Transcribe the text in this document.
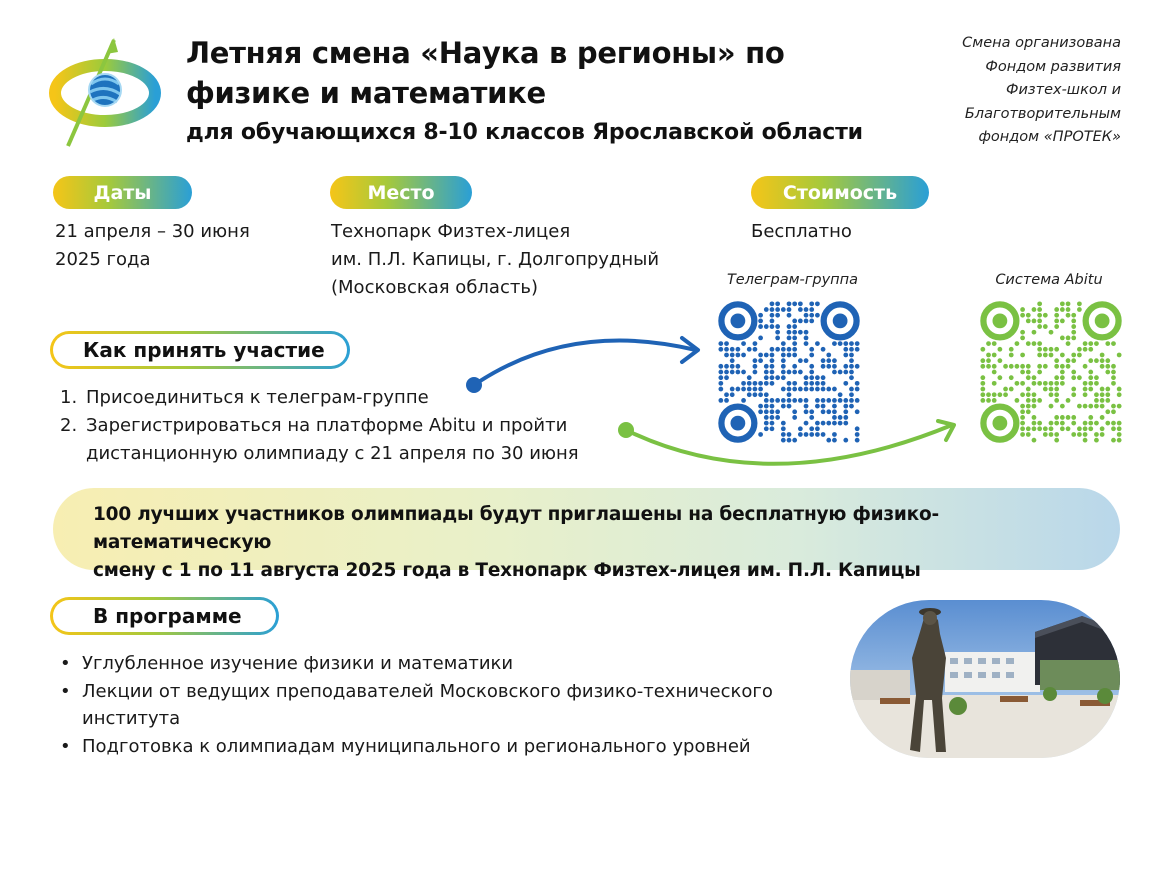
Летняя смена «Наука в регионы» по
физике и математике
для обучающихся 8-10 классов Ярославской области
Смена организована
Фондом развития
Физтех-школ и
Благотворительным
фондом «ПРОТЕК»
Даты	Место	Стоимость
21 апреля – 30 июня
2025 года
Технопарк Физтех-лицея
им. П.Л. Капицы, г. Долгопрудный
(Московская область)
Бесплатно
Телеграм-группа	Система Abitu
Как принять участие
1. Присоединиться к телеграм-группе
2. Зарегистрироваться на платформе Abitu и пройти
дистанционную олимпиаду с 21 апреля по 30 июня
100 лучших участников олимпиады будут приглашены на бесплатную физико-математическую
смену с 1 по 11 августа 2025 года в Технопарк Физтех-лицея им. П.Л. Капицы
В программе
• Углубленное изучение физики и математики
• Лекции от ведущих преподавателей Московского физико-технического
института
• Подготовка к олимпиадам муниципального и регионального уровней
